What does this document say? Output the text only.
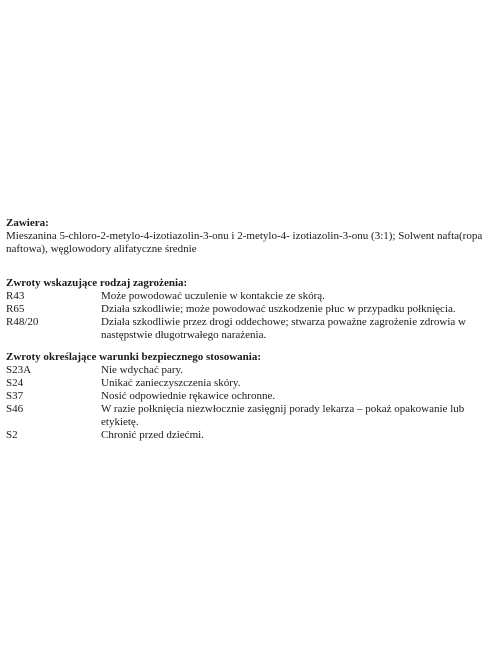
Zawiera:

Mieszanina 5-chloro-2-metylo-4-izotiazolin-3-onu i 2-metylo-4- izotiazolin-3-onu (3:1); Solwent nafta(ropa naftowa), węglowodory alifatyczne średnie

Zwroty wskazujące rodzaj zagrożenia:

R43	Może powodować uczulenie w kontakcie ze skórą.
R65	Działa szkodliwie; może powodować uszkodzenie płuc w przypadku połknięcia.
R48/20	Działa szkodliwie przez drogi oddechowe; stwarza poważne zagrożenie zdrowia w następstwie długotrwałego narażenia.

Zwroty określające warunki bezpiecznego stosowania:

S23A	Nie wdychać pary.
S24	Unikać zanieczyszczenia skóry.
S37	Nosić odpowiednie rękawice ochronne.
S46	W razie połknięcia niezwłocznie zasięgnij porady lekarza – pokaż opakowanie lub etykietę.
S2	Chronić przed dziećmi.
